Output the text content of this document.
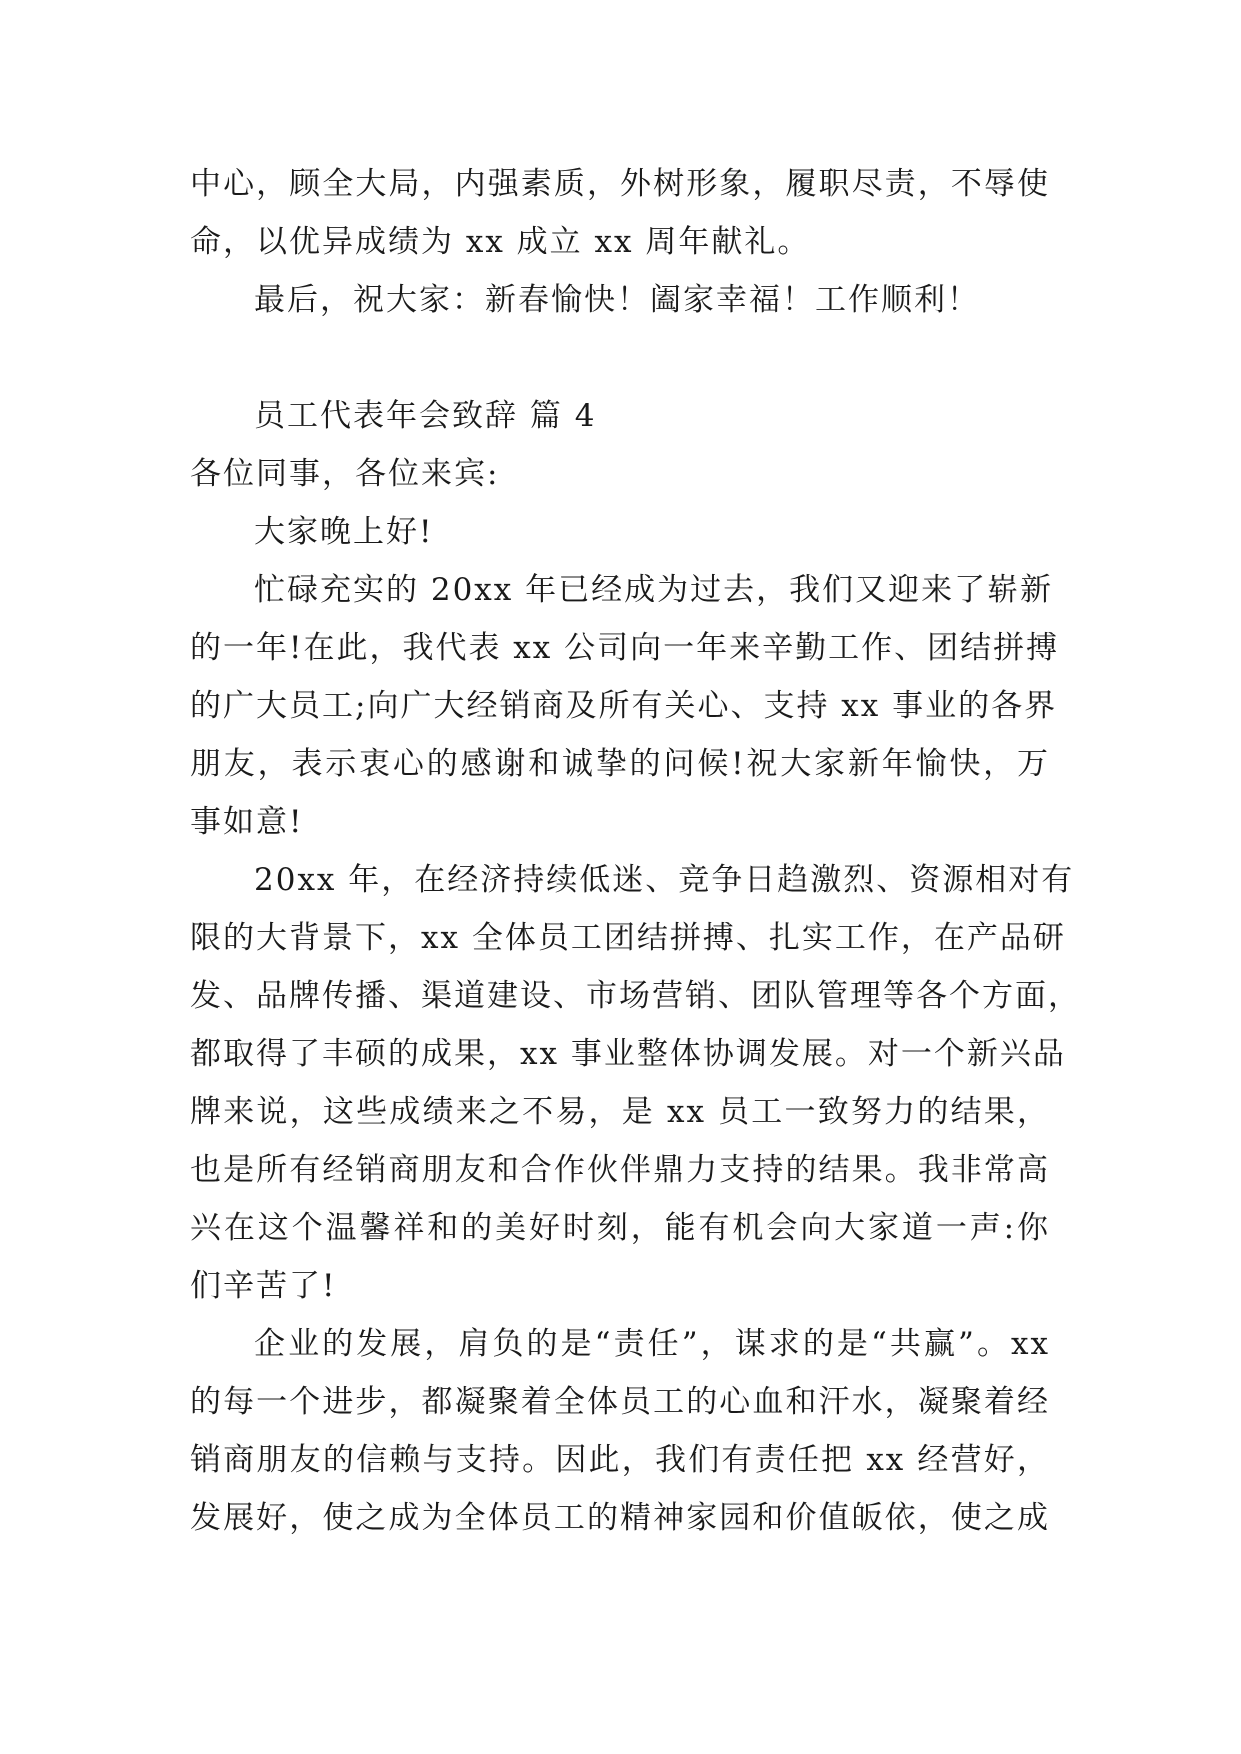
中心，顾全大局，内强素质，外树形象，履职尽责，不辱使
命，以优异成绩为 xx 成立 xx 周年献礼。
最后，祝大家：新春愉快！阖家幸福！工作顺利！
员工代表年会致辞 篇 4
各位同事，各位来宾:
大家晚上好!
忙碌充实的 20xx 年已经成为过去，我们又迎来了崭新
的一年!在此，我代表 xx 公司向一年来辛勤工作、团结拼搏
的广大员工;向广大经销商及所有关心、支持 xx 事业的各界
朋友，表示衷心的感谢和诚挚的问候!祝大家新年愉快，万
事如意!
20xx 年，在经济持续低迷、竞争日趋激烈、资源相对有
限的大背景下，xx 全体员工团结拼搏、扎实工作，在产品研
发、品牌传播、渠道建设、市场营销、团队管理等各个方面，
都取得了丰硕的成果，xx 事业整体协调发展。对一个新兴品
牌来说，这些成绩来之不易，是 xx 员工一致努力的结果，
也是所有经销商朋友和合作伙伴鼎力支持的结果。我非常高
兴在这个温馨祥和的美好时刻，能有机会向大家道一声:你
们辛苦了!
企业的发展，肩负的是“责任”，谋求的是“共赢”。xx
的每一个进步，都凝聚着全体员工的心血和汗水，凝聚着经
销商朋友的信赖与支持。因此，我们有责任把 xx 经营好，
发展好，使之成为全体员工的精神家园和价值皈依，使之成
